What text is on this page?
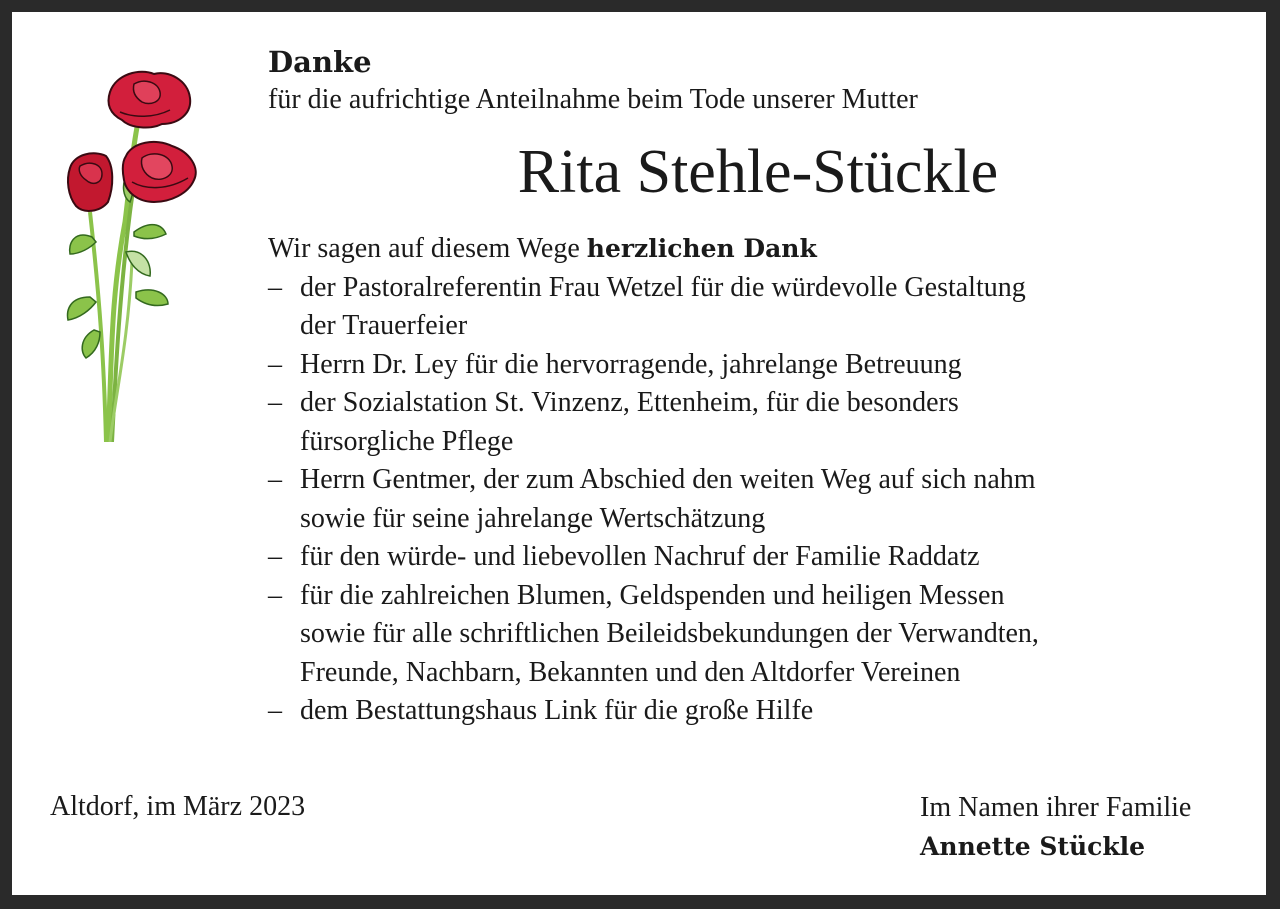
Danke

für die aufrichtige Anteilnahme beim Tode unserer Mutter

Rita Stehle-Stückle

Wir sagen auf diesem Wege herzlichen Dank

– der Pastoralreferentin Frau Wetzel für die würdevolle Gestaltung
der Trauerfeier
– Herrn Dr. Ley für die hervorragende, jahrelange Betreuung
– der Sozialstation St. Vinzenz, Ettenheim, für die besonders
fürsorgliche Pflege
– Herrn Gentmer, der zum Abschied den weiten Weg auf sich nahm
sowie für seine jahrelange Wertschätzung
– für den würde- und liebevollen Nachruf der Familie Raddatz
– für die zahlreichen Blumen, Geldspenden und heiligen Messen
sowie für alle schriftlichen Beileidsbekundungen der Verwandten,
Freunde, Nachbarn, Bekannten und den Altdorfer Vereinen
– dem Bestattungshaus Link für die große Hilfe
Altdorf, im März 2023	Im Namen ihrer Familie
Annette Stückle
